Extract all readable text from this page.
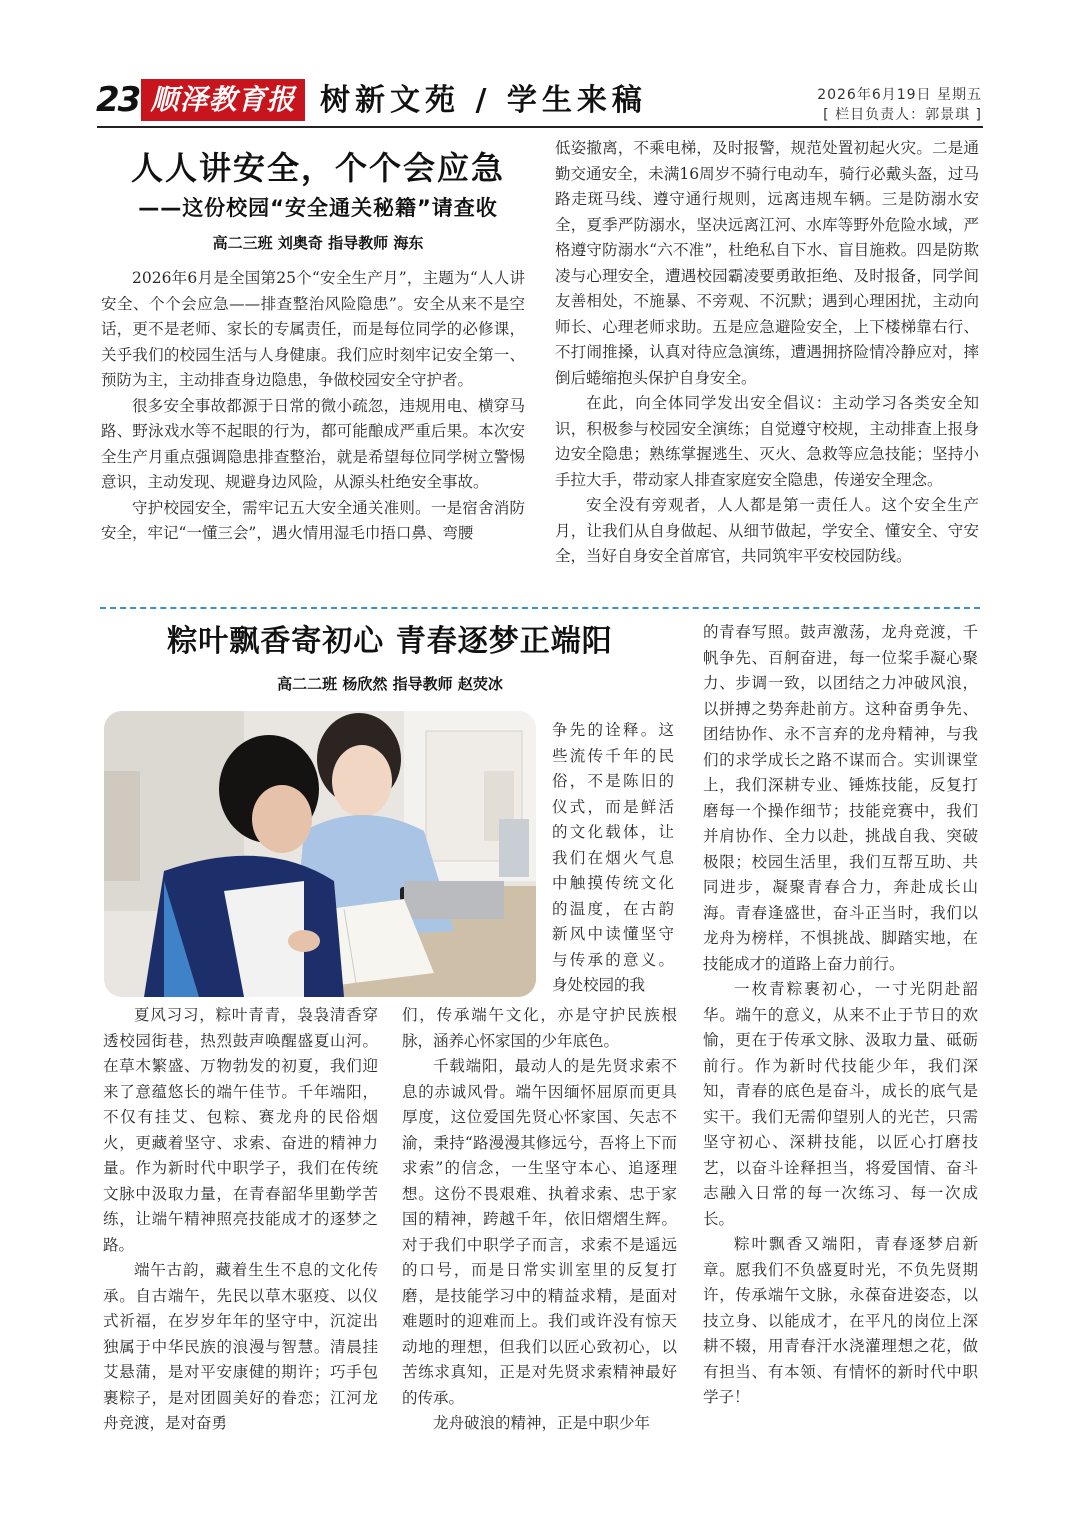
23 顺泽教育报 树新文苑 / 学生来稿	2026年6月19日 星期五
[ 栏目负责人：郭景琪 ]
人人讲安全，个个会应急
——这份校园“安全通关秘籍”请查收
高二三班 刘奥奇 指导教师 海东

2026年6月是全国第25个“安全生产月”，主题为“人人讲安全、个个会应急——排查整治风险隐患”。安全从来不是空话，更不是老师、家长的专属责任，而是每位同学的必修课，关乎我们的校园生活与人身健康。我们应时刻牢记安全第一、预防为主，主动排查身边隐患，争做校园安全守护者。

很多安全事故都源于日常的微小疏忽，违规用电、横穿马路、野泳戏水等不起眼的行为，都可能酿成严重后果。本次安全生产月重点强调隐患排查整治，就是希望每位同学树立警惕意识，主动发现、规避身边风险，从源头杜绝安全事故。

守护校园安全，需牢记五大安全通关准则。一是宿舍消防安全，牢记“一懂三会”，遇火情用湿毛巾捂口鼻、弯腰

低姿撤离，不乘电梯，及时报警，规范处置初起火灾。二是通勤交通安全，未满16周岁不骑行电动车，骑行必戴头盔，过马路走斑马线、遵守通行规则，远离违规车辆。三是防溺水安全，夏季严防溺水，坚决远离江河、水库等野外危险水域，严格遵守防溺水“六不准”，杜绝私自下水、盲目施救。四是防欺凌与心理安全，遭遇校园霸凌要勇敢拒绝、及时报备，同学间友善相处，不施暴、不旁观、不沉默；遇到心理困扰，主动向师长、心理老师求助。五是应急避险安全，上下楼梯靠右行、不打闹推搡，认真对待应急演练，遭遇拥挤险情冷静应对，摔倒后蜷缩抱头保护自身安全。

在此，向全体同学发出安全倡议：主动学习各类安全知识，积极参与校园安全演练；自觉遵守校规，主动排查上报身边安全隐患；熟练掌握逃生、灭火、急救等应急技能；坚持小手拉大手，带动家人排查家庭安全隐患，传递安全理念。

安全没有旁观者，人人都是第一责任人。这个安全生产月，让我们从自身做起、从细节做起，学安全、懂安全、守安全，当好自身安全首席官，共同筑牢平安校园防线。

粽叶飘香寄初心 青春逐梦正端阳
高二二班 杨欣然 指导教师 赵荧冰

争先的诠释。这些流传千年的民俗，不是陈旧的仪式，而是鲜活的文化载体，让我们在烟火气息中触摸传统文化的温度，在古韵新风中读懂坚守与传承的意义。身处校园的我

夏风习习，粽叶青青，袅袅清香穿透校园街巷，热烈鼓声唤醒盛夏山河。在草木繁盛、万物勃发的初夏，我们迎来了意蕴悠长的端午佳节。千年端阳，不仅有挂艾、包粽、赛龙舟的民俗烟火，更藏着坚守、求索、奋进的精神力量。作为新时代中职学子，我们在传统文脉中汲取力量，在青春韶华里勤学苦练，让端午精神照亮技能成才的逐梦之路。

端午古韵，藏着生生不息的文化传承。自古端午，先民以草木驱疫、以仪式祈福，在岁岁年年的坚守中，沉淀出独属于中华民族的浪漫与智慧。清晨挂艾悬蒲，是对平安康健的期许；巧手包裹粽子，是对团圆美好的眷恋；江河龙舟竞渡，是对奋勇

们，传承端午文化，亦是守护民族根脉，涵养心怀家国的少年底色。

千载端阳，最动人的是先贤求索不息的赤诚风骨。端午因缅怀屈原而更具厚度，这位爱国先贤心怀家国、矢志不渝，秉持“路漫漫其修远兮，吾将上下而求索”的信念，一生坚守本心、追逐理想。这份不畏艰难、执着求索、忠于家国的精神，跨越千年，依旧熠熠生辉。对于我们中职学子而言，求索不是遥远的口号，而是日常实训室里的反复打磨，是技能学习中的精益求精，是面对难题时的迎难而上。我们或许没有惊天动地的理想，但我们以匠心致初心，以苦练求真知，正是对先贤求索精神最好的传承。

龙舟破浪的精神，正是中职少年

的青春写照。鼓声激荡，龙舟竞渡，千帆争先、百舸奋进，每一位桨手凝心聚力、步调一致，以团结之力冲破风浪，以拼搏之势奔赴前方。这种奋勇争先、团结协作、永不言弃的龙舟精神，与我们的求学成长之路不谋而合。实训课堂上，我们深耕专业、锤炼技能，反复打磨每一个操作细节；技能竞赛中，我们并肩协作、全力以赴，挑战自我、突破极限；校园生活里，我们互帮互助、共同进步，凝聚青春合力，奔赴成长山海。青春逢盛世，奋斗正当时，我们以龙舟为榜样，不惧挑战、脚踏实地，在技能成才的道路上奋力前行。

一枚青粽裹初心，一寸光阴赴韶华。端午的意义，从来不止于节日的欢愉，更在于传承文脉、汲取力量、砥砺前行。作为新时代技能少年，我们深知，青春的底色是奋斗，成长的底气是实干。我们无需仰望别人的光芒，只需坚守初心、深耕技能，以匠心打磨技艺，以奋斗诠释担当，将爱国情、奋斗志融入日常的每一次练习、每一次成长。

粽叶飘香又端阳，青春逐梦启新章。愿我们不负盛夏时光，不负先贤期许，传承端午文脉，永葆奋进姿态，以技立身、以能成才，在平凡的岗位上深耕不辍，用青春汗水浇灌理想之花，做有担当、有本领、有情怀的新时代中职学子！
